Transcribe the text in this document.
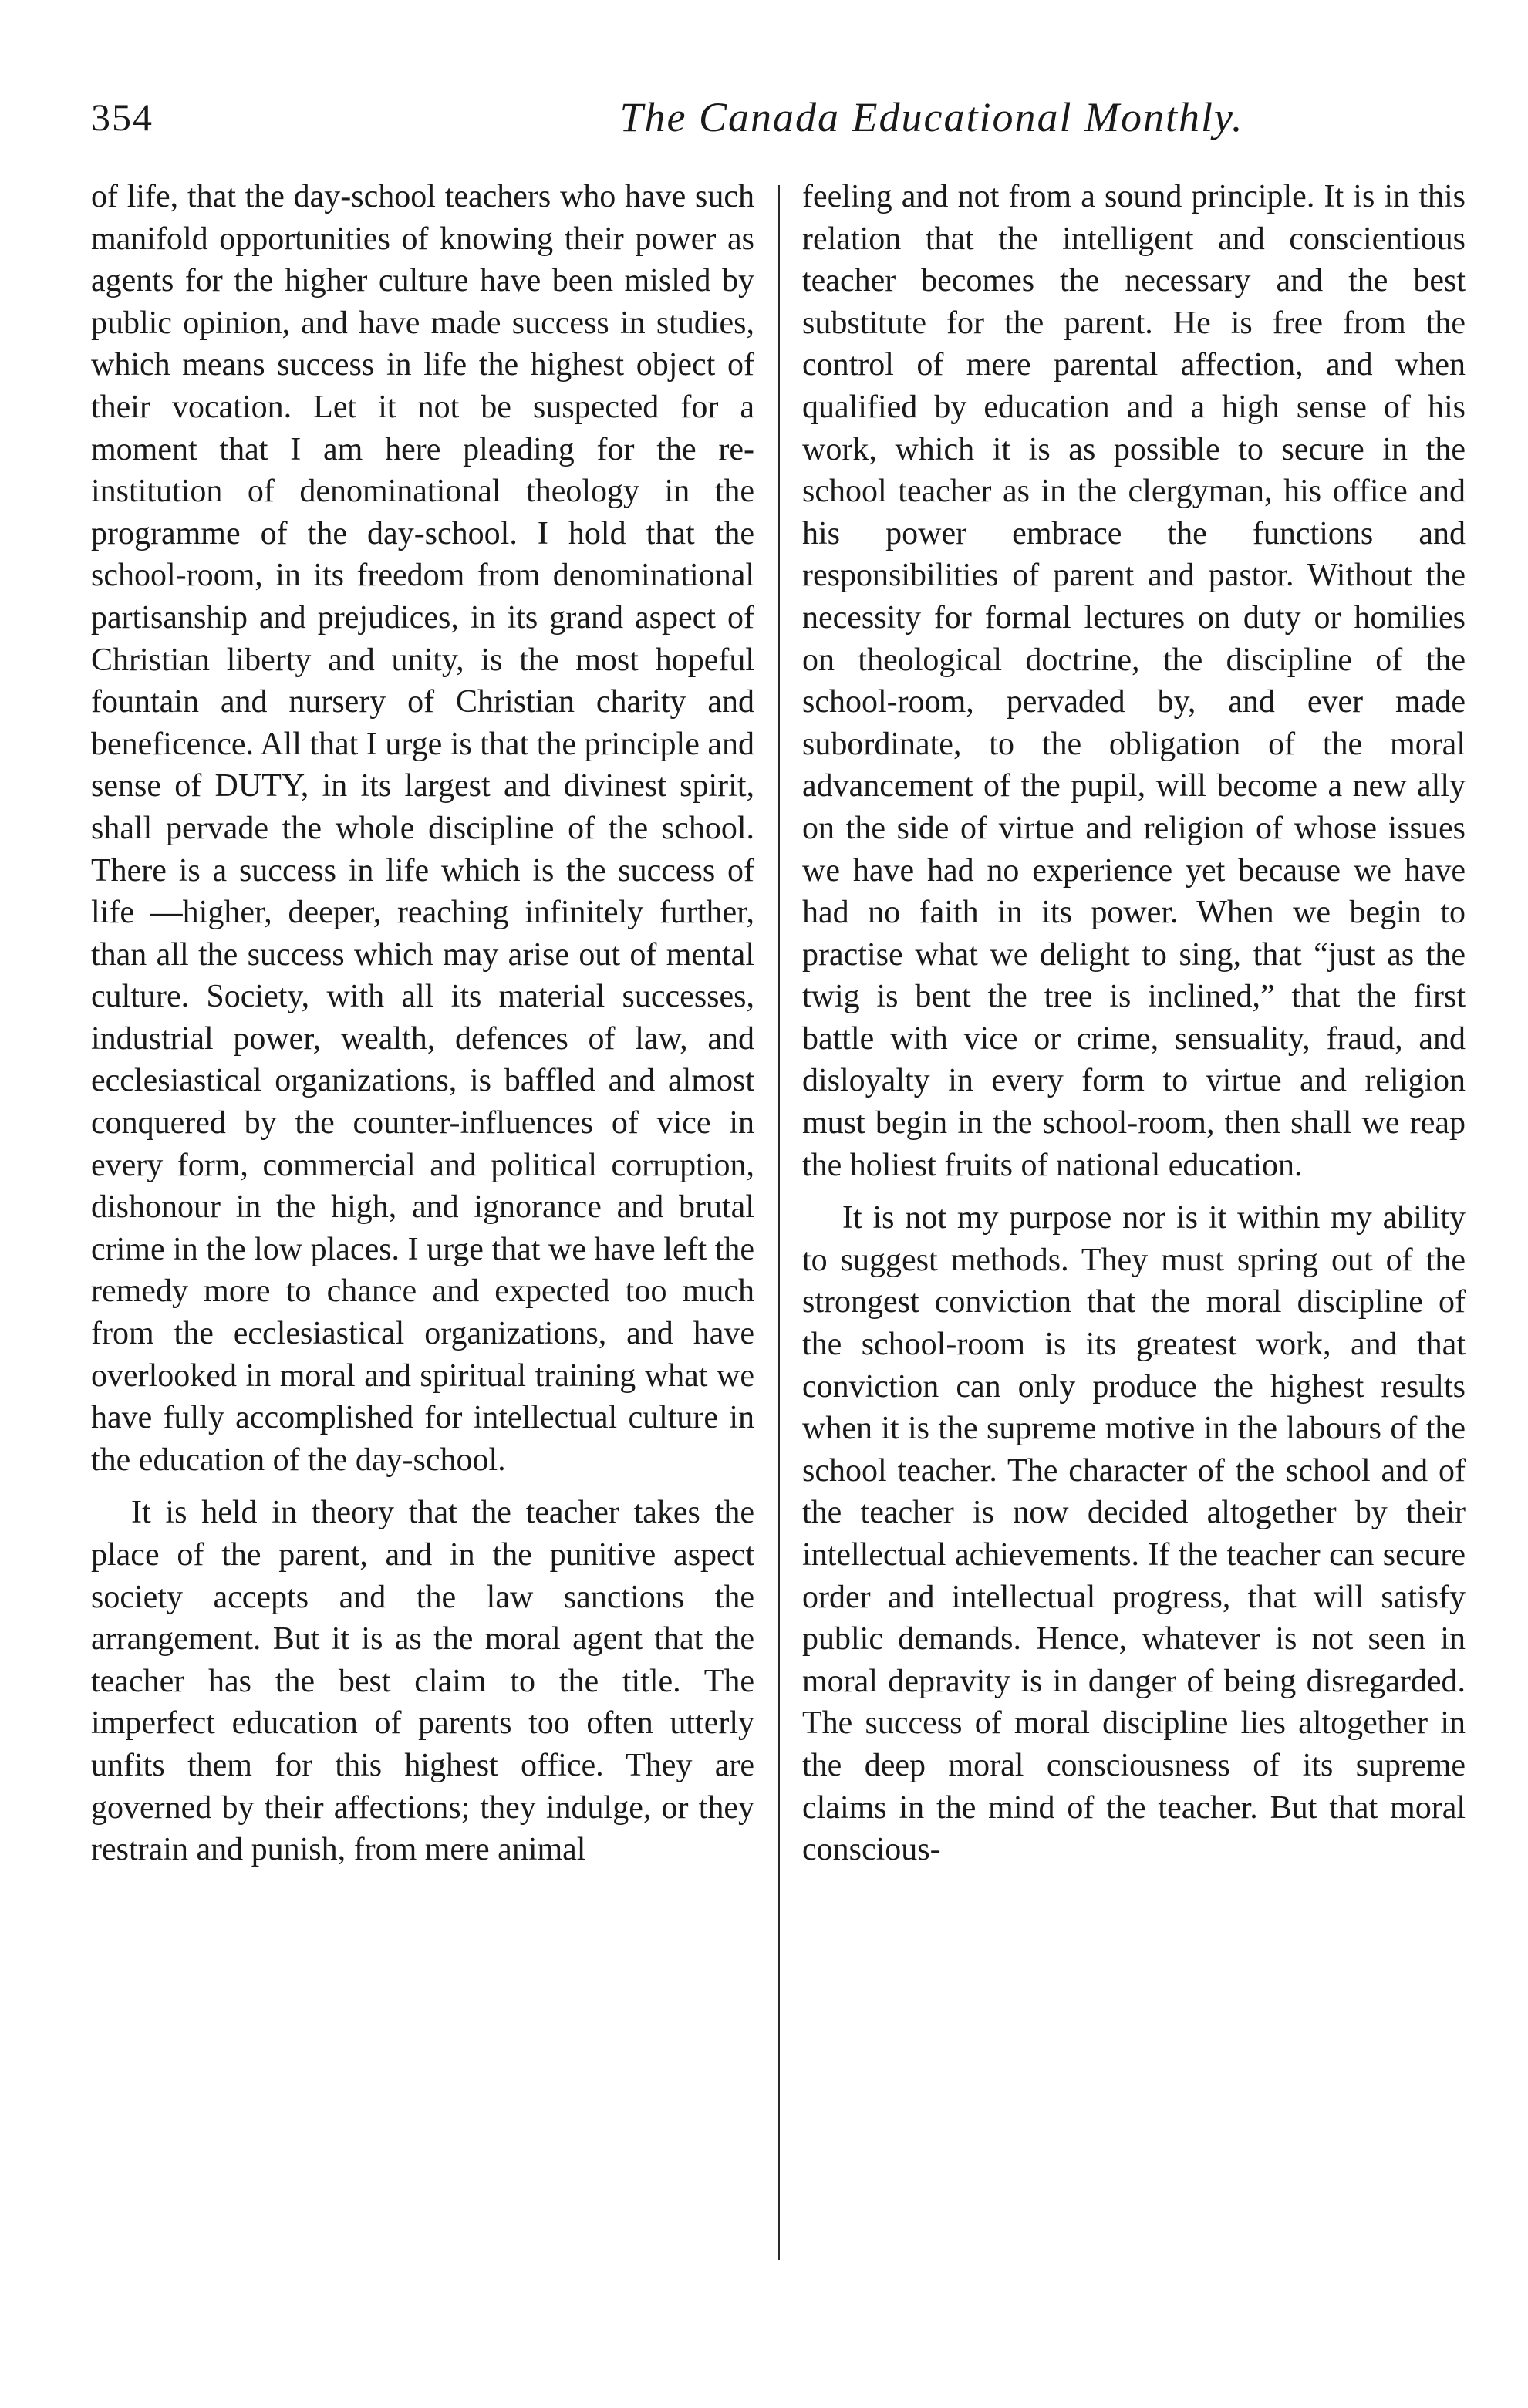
354	The Canada Educational Monthly.

of life, that the day-school teachers who have such manifold opportunities of knowing their power as agents for the higher culture have been misled by public opinion, and have made success in studies, which means success in life the highest object of their vocation. Let it not be suspected for a moment that I am here pleading for the re-institution of denominational theology in the programme of the day-school. I hold that the school-room, in its freedom from denominational partisanship and prejudices, in its grand aspect of Christian liberty and unity, is the most hopeful fountain and nursery of Christian charity and beneficence. All that I urge is that the principle and sense of DUTY, in its largest and divinest spirit, shall pervade the whole discipline of the school. There is a success in life which is the success of life —higher, deeper, reaching infinitely further, than all the success which may arise out of mental culture. Society, with all its material successes, industrial power, wealth, defences of law, and ecclesiastical organizations, is baffled and almost conquered by the counter-influences of vice in every form, commercial and political corruption, dishonour in the high, and ignorance and brutal crime in the low places. I urge that we have left the remedy more to chance and expected too much from the ecclesiastical organizations, and have overlooked in moral and spiritual training what we have fully accomplished for intellectual culture in the education of the day-school.

It is held in theory that the teacher takes the place of the parent, and in the punitive aspect society accepts and the law sanctions the arrangement. But it is as the moral agent that the teacher has the best claim to the title. The imperfect education of parents too often utterly unfits them for this highest office. They are governed by their affections; they indulge, or they restrain and punish, from mere animal

feeling and not from a sound principle. It is in this relation that the intelligent and conscientious teacher becomes the necessary and the best substitute for the parent. He is free from the control of mere parental affection, and when qualified by education and a high sense of his work, which it is as possible to secure in the school teacher as in the clergyman, his office and his power embrace the functions and responsibilities of parent and pastor. Without the necessity for formal lectures on duty or homilies on theological doctrine, the discipline of the school-room, pervaded by, and ever made subordinate, to the obligation of the moral advancement of the pupil, will become a new ally on the side of virtue and religion of whose issues we have had no experience yet because we have had no faith in its power. When we begin to practise what we delight to sing, that “just as the twig is bent the tree is inclined,” that the first battle with vice or crime, sensuality, fraud, and disloyalty in every form to virtue and religion must begin in the school-room, then shall we reap the holiest fruits of national education.

It is not my purpose nor is it within my ability to suggest methods. They must spring out of the strongest conviction that the moral discipline of the school-room is its greatest work, and that conviction can only produce the highest results when it is the supreme motive in the labours of the school teacher. The character of the school and of the teacher is now decided altogether by their intellectual achievements. If the teacher can secure order and intellectual progress, that will satisfy public demands. Hence, whatever is not seen in moral depravity is in danger of being disregarded. The success of moral discipline lies altogether in the deep moral consciousness of its supreme claims in the mind of the teacher. But that moral conscious-
